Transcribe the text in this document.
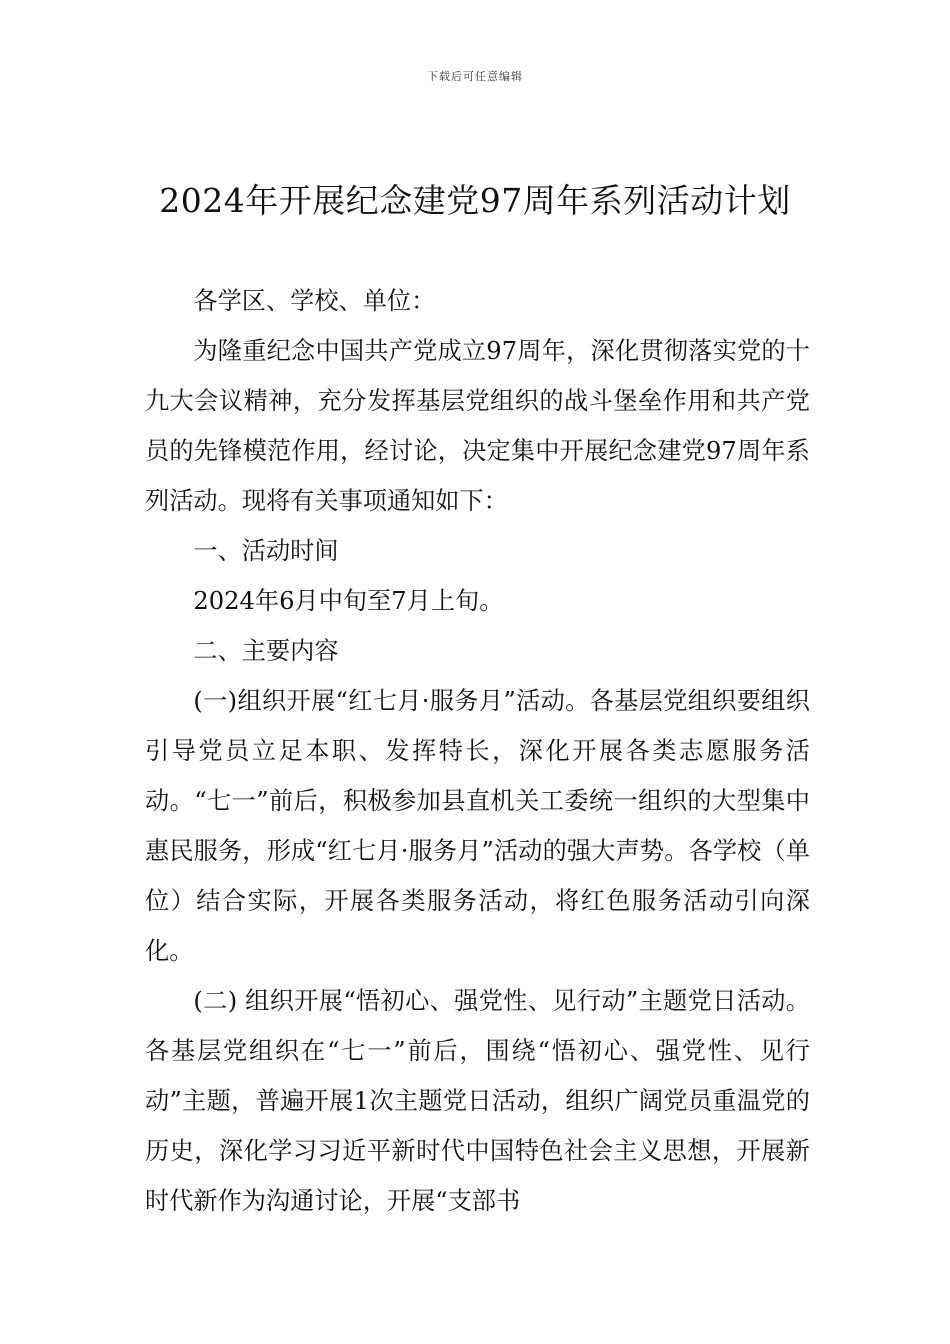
下载后可任意编辑
2024年开展纪念建党97周年系列活动计划

各学区、学校、单位：

为隆重纪念中国共产党成立97周年，深化贯彻落实党的十九大会议精神，充分发挥基层党组织的战斗堡垒作用和共产党员的先锋模范作用，经讨论，决定集中开展纪念建党97周年系列活动。现将有关事项通知如下：

一、活动时间

2024年6月中旬至7月上旬。

二、主要内容

(一)组织开展“红七月·服务月”活动。各基层党组织要组织引导党员立足本职、发挥特长，深化开展各类志愿服务活动。“七一”前后，积极参加县直机关工委统一组织的大型集中惠民服务，形成“红七月·服务月”活动的强大声势。各学校（单位）结合实际，开展各类服务活动，将红色服务活动引向深化。

(二) 组织开展“悟初心、强党性、见行动”主题党日活动。各基层党组织在“七一”前后，围绕“悟初心、强党性、见行动”主题，普遍开展1次主题党日活动，组织广阔党员重温党的历史，深化学习习近平新时代中国特色社会主义思想，开展新时代新作为沟通讨论，开展“支部书
